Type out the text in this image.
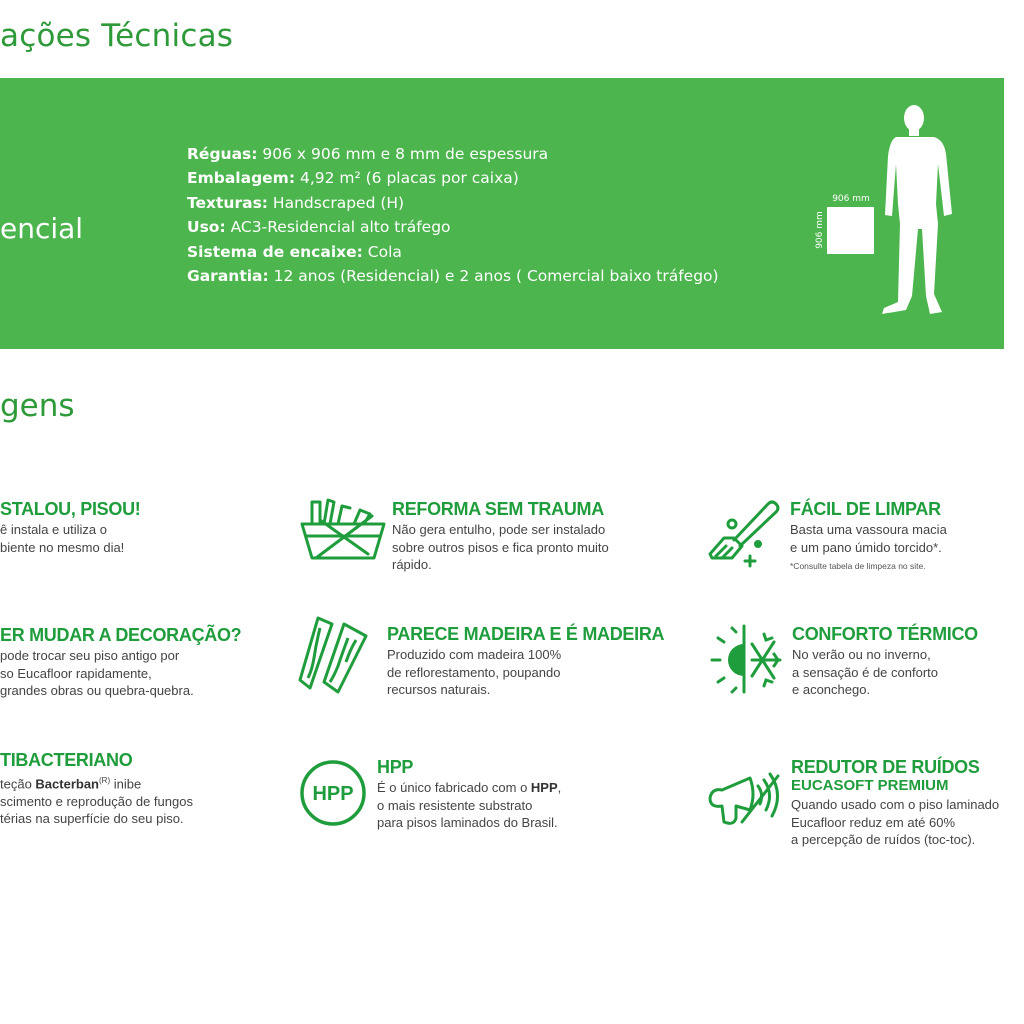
ações Técnicas
encial
Réguas: 906 x 906 mm e 8 mm de espessura
Embalagem: 4,92 m² (6 placas por caixa)
Texturas: Handscraped (H)
Uso: AC3-Residencial alto tráfego
Sistema de encaixe: Cola
Garantia: 12 anos (Residencial) e 2 anos ( Comercial baixo tráfego)
906 mm
906 mm
gens
STALOU, PISOU!
ê instala e utiliza o
biente no mesmo dia!
ER MUDAR A DECORAÇÃO?
pode trocar seu piso antigo por
so Eucafloor rapidamente,
grandes obras ou quebra-quebra.
TIBACTERIANO
teção Bacterban$^{(R)}$ inibe
scimento e reprodução de fungos
térias na superfície do seu piso.
HPP
REFORMA SEM TRAUMA
Não gera entulho, pode ser instalado
sobre outros pisos e fica pronto muito
rápido.
PARECE MADEIRA E É MADEIRA
Produzido com madeira 100%
de reflorestamento, poupando
recursos naturais.
HPP
É o único fabricado com o HPP,
o mais resistente substrato
para pisos laminados do Brasil.
FÁCIL DE LIMPAR
Basta uma vassoura macia
e um pano úmido torcido*.
*Consulte tabela de limpeza no site.
CONFORTO TÉRMICO
No verão ou no inverno,
a sensação é de conforto
e aconchego.
REDUTOR DE RUÍDOS
EUCASOFT PREMIUM
Quando usado com o piso laminado
Eucafloor reduz em até 60%
a percepção de ruídos (toc-toc).
